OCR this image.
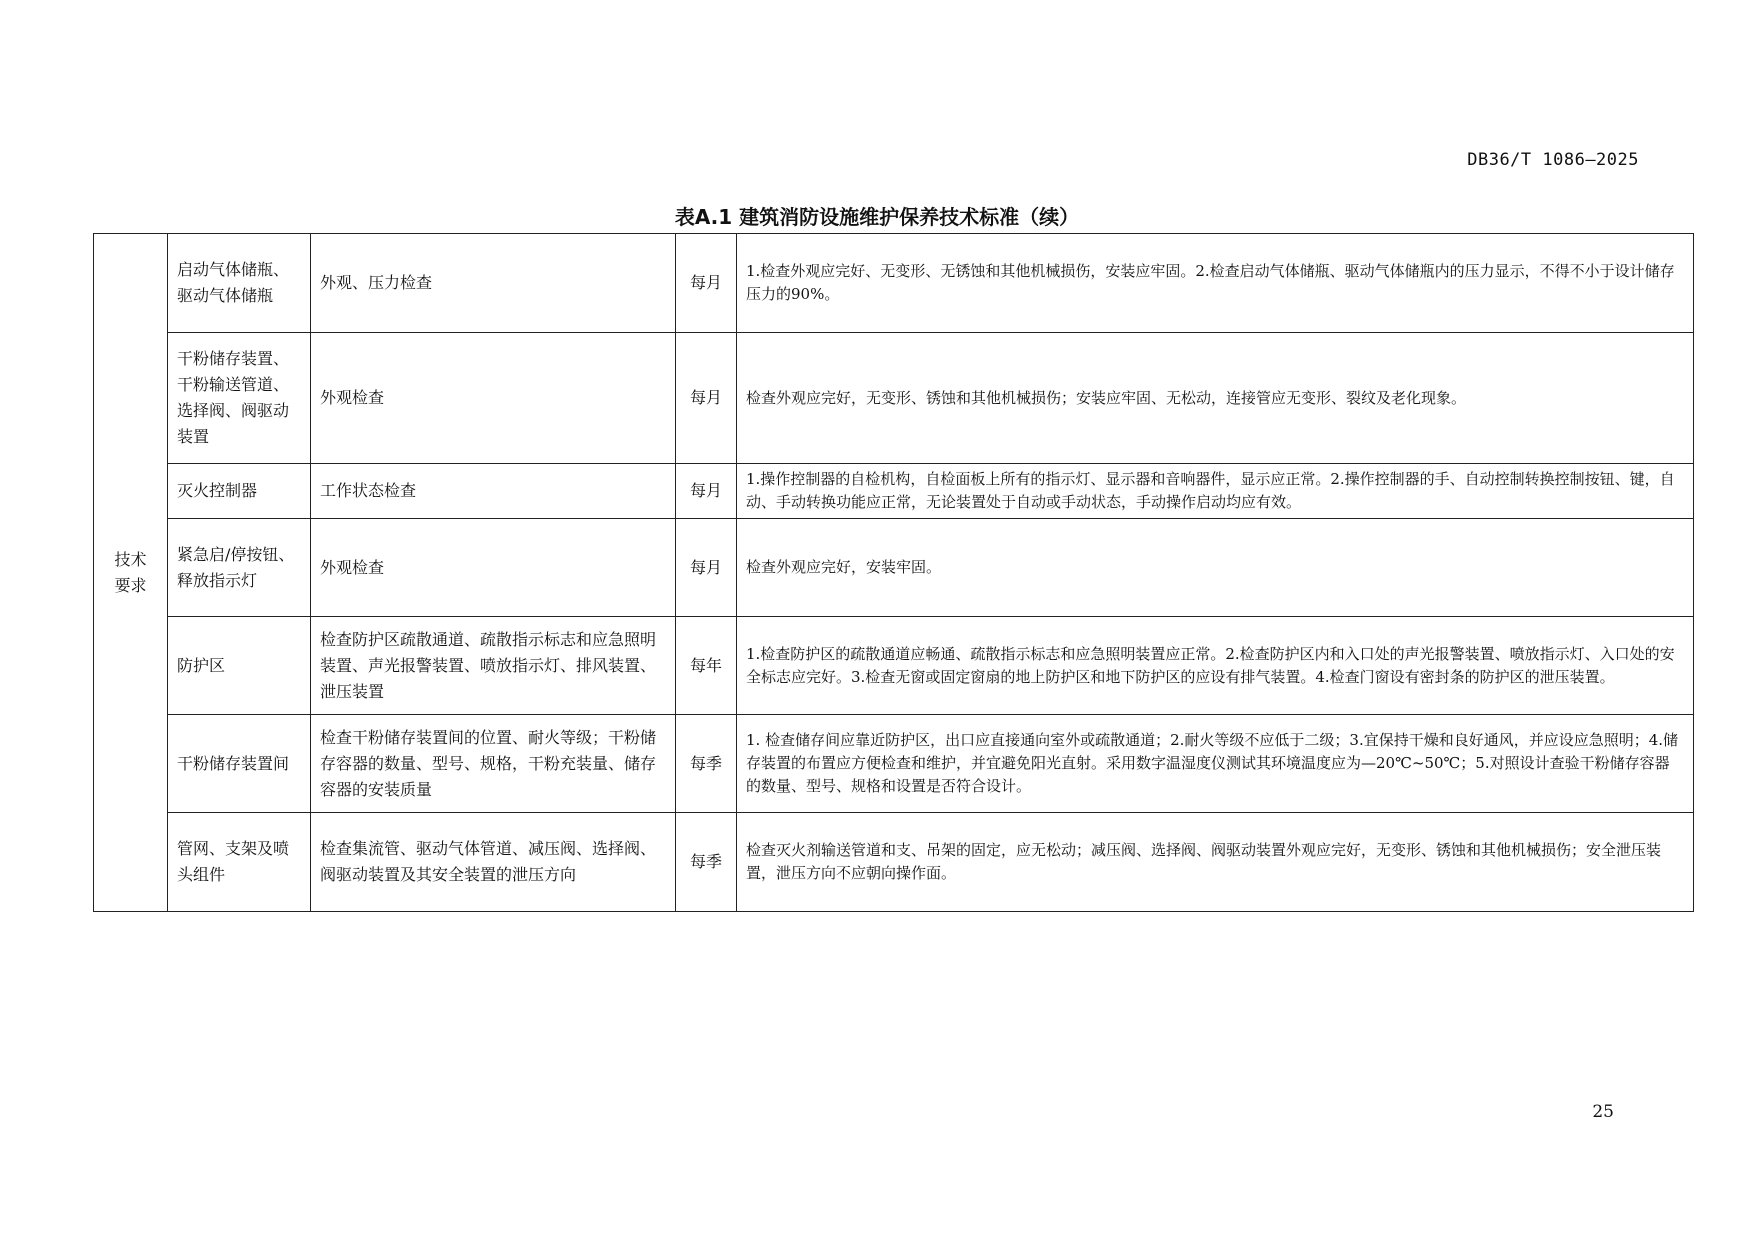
DB36/T 1086—2025
表A.1 建筑消防设施维护保养技术标准（续）
技术要求	启动气体储瓶、驱动气体储瓶	外观、压力检查	每月	1.检查外观应完好、无变形、无锈蚀和其他机械损伤，安装应牢固。2.检查启动气体储瓶、驱动气体储瓶内的压力显示，不得不小于设计储存压力的90%。
	干粉储存装置、干粉输送管道、选择阀、阀驱动装置	外观检查	每月	检查外观应完好，无变形、锈蚀和其他机械损伤；安装应牢固、无松动，连接管应无变形、裂纹及老化现象。
	灭火控制器	工作状态检查	每月	1.操作控制器的自检机构，自检面板上所有的指示灯、显示器和音响器件，显示应正常。2.操作控制器的手、自动控制转换控制按钮、键，自动、手动转换功能应正常，无论装置处于自动或手动状态，手动操作启动均应有效。
	紧急启/停按钮、释放指示灯	外观检查	每月	检查外观应完好，安装牢固。
	防护区	检查防护区疏散通道、疏散指示标志和应急照明装置、声光报警装置、喷放指示灯、排风装置、泄压装置	每年	1.检查防护区的疏散通道应畅通、疏散指示标志和应急照明装置应正常。2.检查防护区内和入口处的声光报警装置、喷放指示灯、入口处的安全标志应完好。3.检查无窗或固定窗扇的地上防护区和地下防护区的应设有排气装置。4.检查门窗设有密封条的防护区的泄压装置。
	干粉储存装置间	检查干粉储存装置间的位置、耐火等级；干粉储存容器的数量、型号、规格，干粉充装量、储存容器的安装质量	每季	1. 检查储存间应靠近防护区，出口应直接通向室外或疏散通道；2.耐火等级不应低于二级；3.宜保持干燥和良好通风，并应设应急照明；4.储存装置的布置应方便检查和维护，并宜避免阳光直射。采用数字温湿度仪测试其环境温度应为—20℃~50℃；5.对照设计查验干粉储存容器的数量、型号、规格和设置是否符合设计。
	管网、支架及喷头组件	检查集流管、驱动气体管道、减压阀、选择阀、阀驱动装置及其安全装置的泄压方向	每季	检查灭火剂输送管道和支、吊架的固定，应无松动；减压阀、选择阀、阀驱动装置外观应完好，无变形、锈蚀和其他机械损伤；安全泄压装置，泄压方向不应朝向操作面。
25
